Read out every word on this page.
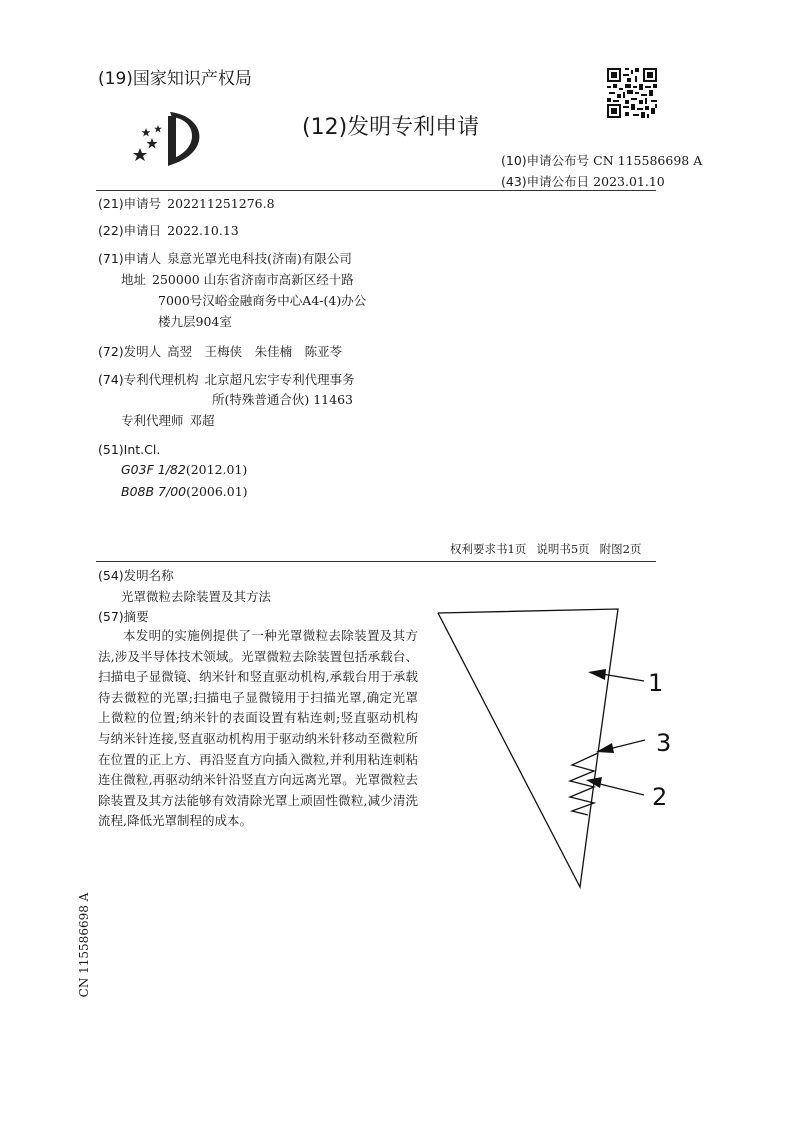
(19)国家知识产权局
(12)发明专利申请
(10)申请公布号 CN 115586698 A
(43)申请公布日 2023.01.10
(21)申请号 202211251276.8
(22)申请日 2022.10.13
(71)申请人 泉意光罩光电科技(济南)有限公司
地址 250000 山东省济南市高新区经十路
7000号汉峪金融商务中心A4-(4)办公
楼九层904室
(72)发明人 高翌　王梅侠　朱佳楠　陈亚苓
(74)专利代理机构 北京超凡宏宇专利代理事务
所(特殊普通合伙) 11463
专利代理师 邓超
(51)Int.Cl.
G03F 1/82(2012.01)
B08B 7/00(2006.01)
权利要求书1页 说明书5页 附图2页
(54)发明名称
光罩微粒去除装置及其方法
(57)摘要

本发明的实施例提供了一种光罩微粒去除装置及其方法,涉及半导体技术领域。光罩微粒去除装置包括承载台、扫描电子显微镜、纳米针和竖直驱动机构,承载台用于承载待去微粒的光罩;扫描电子显微镜用于扫描光罩,确定光罩上微粒的位置;纳米针的表面设置有粘连刺;竖直驱动机构与纳米针连接,竖直驱动机构用于驱动纳米针移动至微粒所在位置的正上方、再沿竖直方向插入微粒,并利用粘连刺粘连住微粒,再驱动纳米针沿竖直方向远离光罩。光罩微粒去除装置及其方法能够有效清除光罩上顽固性微粒,减少清洗流程,降低光罩制程的成本。

1
3
2
CN 115586698 A
